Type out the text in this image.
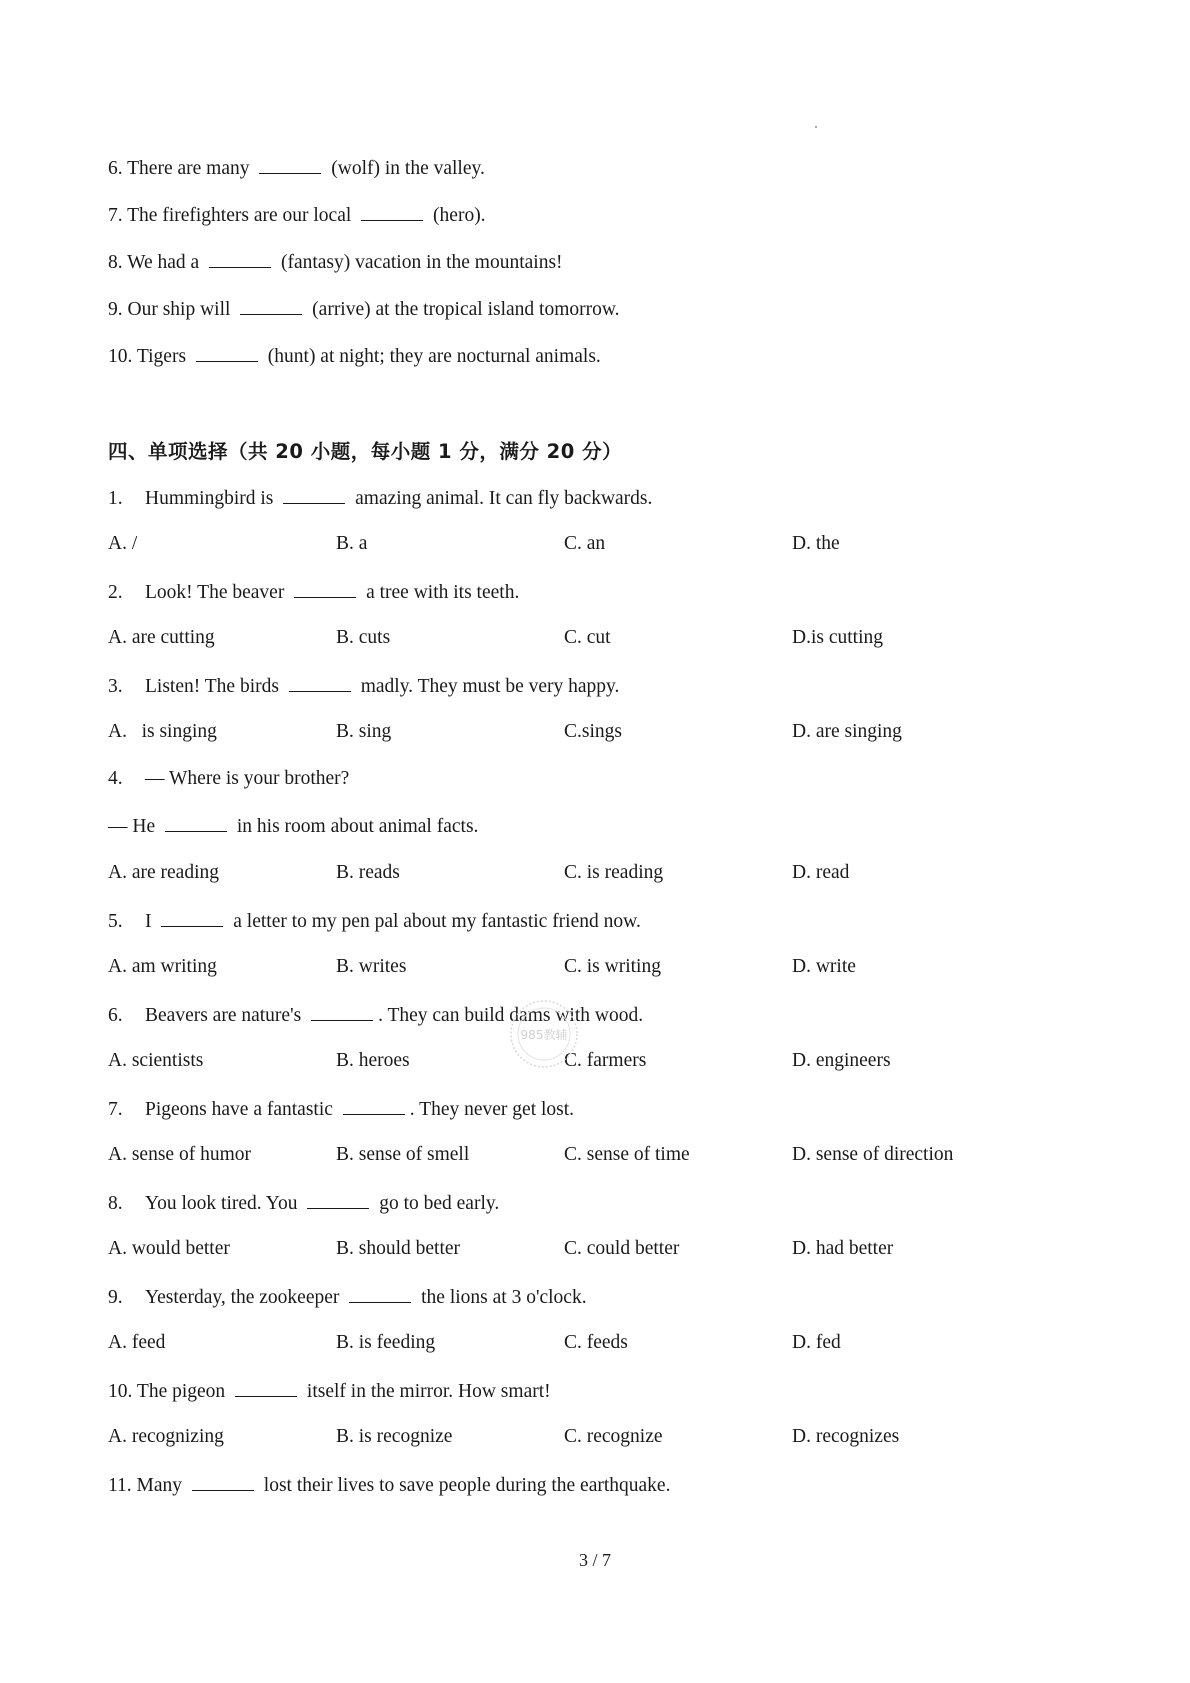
6. There are many	(wolf) in the valley.
7. The firefighters are our local	(hero).
8. We had a	(fantasy) vacation in the mountains!
9. Our ship will	(arrive) at the tropical island tomorrow.
10. Tigers	(hunt) at night; they are nocturnal animals.
四、单项选择（共 20 小题，每小题 1 分，满分 20 分）
1. Hummingbird is	amazing animal. It can fly backwards.
A. /	B. a	C. an	D. the
2. Look! The beaver	a tree with its teeth.
A. are cutting	B. cuts	C. cut	D.is cutting
3. Listen! The birds	madly. They must be very happy.
A.   is singing	B. sing	C.sings	D. are singing
4. — Where is your brother?
— He	in his room about animal facts.
A. are reading	B. reads	C. is reading	D. read
5. I	a letter to my pen pal about my fantastic friend now.
A. am writing	B. writes	C. is writing	D. write
6. Beavers are nature's	. They can build dams with wood.
A. scientists	B. heroes	C. farmers	D. engineers
985教辅
7. Pigeons have a fantastic	. They never get lost.
A. sense of humor	B. sense of smell	C. sense of time	D. sense of direction
8. You look tired. You	go to bed early.
A. would better	B. should better	C. could better	D. had better
9. Yesterday, the zookeeper	the lions at 3 o'clock.
A. feed	B. is feeding	C. feeds	D. fed
10. The pigeon	itself in the mirror. How smart!
A. recognizing	B. is recognize	C. recognize	D. recognizes
11. Many	lost their lives to save people during the earthquake.
3 / 7
